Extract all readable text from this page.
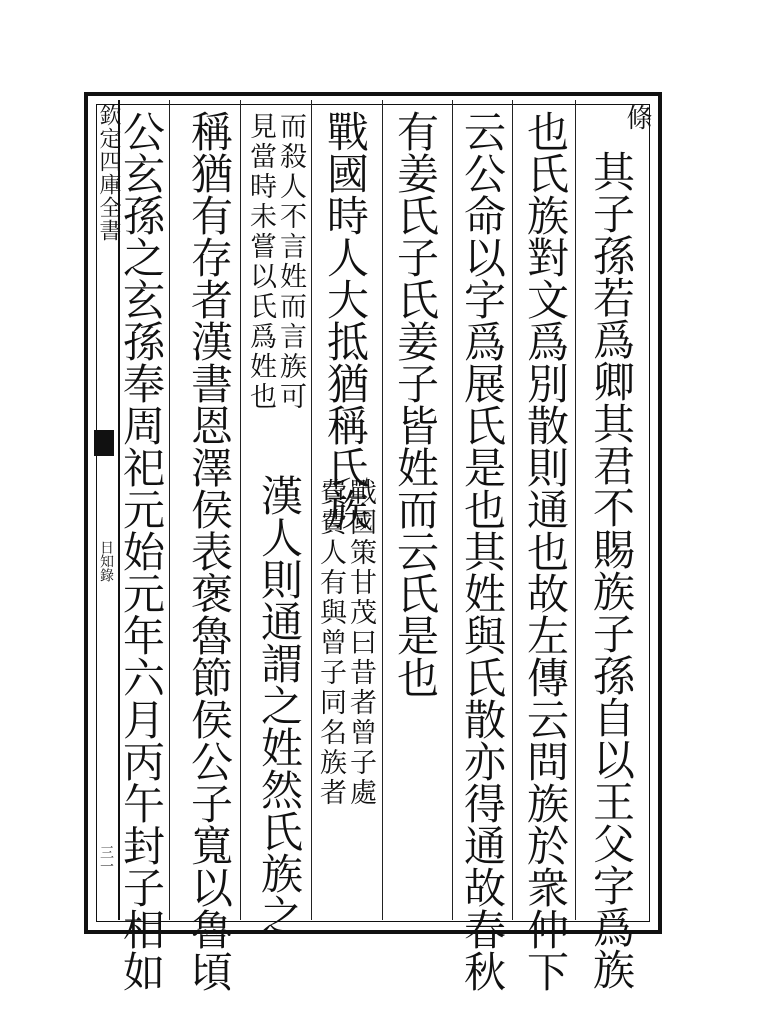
欽定四庫全書
日知錄
三一
條
其子孫若爲卿其君不賜族子孫自以王父字爲族
也氏族對文爲別散則通也故左傳云問族於衆仲下
云公命以字爲展氏是也其姓與氏散亦得通故春秋
有姜氏子氏姜子皆姓而云氏是也
戰國時人大抵猶稱氏族
戰國策甘茂曰昔者曾子處
費費人有與曾子同名族者
漢人則通謂之姓然氏族之
而殺人不言姓而言族可
見當時未嘗以氏爲姓也
稱猶有存者漢書恩澤侯表褒魯節侯公子寬以魯頃
公玄孫之玄孫奉周祀元始元年六月丙午封子相如
